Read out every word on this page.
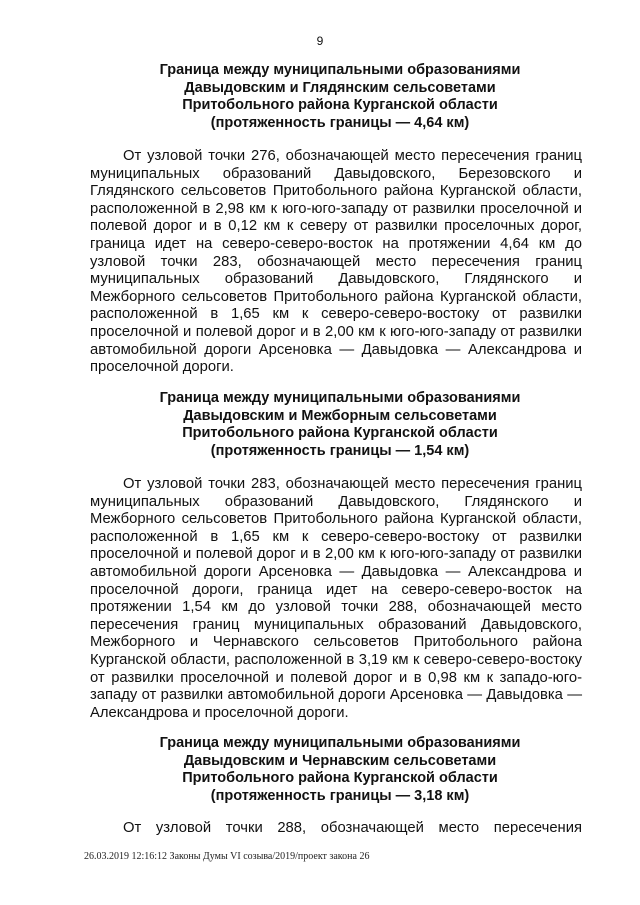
9
Граница между муниципальными образованиями
Давыдовским и Глядянским сельсоветами
Притобольного района Курганской области
(протяженность границы — 4,64 км)

От узловой точки 276, обозначающей место пересечения границ муниципальных образований Давыдовского, Березовского и Глядянского сельсоветов Притобольного района Курганской области, расположенной в 2,98 км к юго-юго-западу от развилки проселочной и полевой дорог и в 0,12 км к северу от развилки проселочных дорог, граница идет на северо-северо-восток на протяжении 4,64 км до узловой точки 283, обозначающей место пересечения границ муниципальных образований Давыдовского, Глядянского и Межборного сельсоветов Притобольного района Курганской области, расположенной в 1,65 км к северо-северо-востоку от развилки проселочной и полевой дорог и в 2,00 км к юго-юго-западу от развилки автомобильной дороги Арсеновка — Давыдовка — Александрова и проселочной дороги.

Граница между муниципальными образованиями
Давыдовским и Межборным сельсоветами
Притобольного района Курганской области
(протяженность границы — 1,54 км)

От узловой точки 283, обозначающей место пересечения границ муниципальных образований Давыдовского, Глядянского и Межборного сельсоветов Притобольного района Курганской области, расположенной в 1,65 км к северо-северо-востоку от развилки проселочной и полевой дорог и в 2,00 км к юго-юго-западу от развилки автомобильной дороги Арсеновка — Давыдовка — Александрова и проселочной дороги, граница идет на северо-северо-восток на протяжении 1,54 км до узловой точки 288, обозначающей место пересечения границ муниципальных образований Давыдовского, Межборного и Чернавского сельсоветов Притобольного района Курганской области, расположенной в 3,19 км к северо-северо-востоку от развилки проселочной и полевой дорог и в 0,98 км к западо-юго-западу от развилки автомобильной дороги Арсеновка — Давыдовка — Александрова и проселочной дороги.

Граница между муниципальными образованиями
Давыдовским и Чернавским сельсоветами
Притобольного района Курганской области
(протяженность границы — 3,18 км)

От узловой точки 288, обозначающей место пересечения

26.03.2019 12:16:12 Законы Думы VI созыва/2019/проект закона 26
